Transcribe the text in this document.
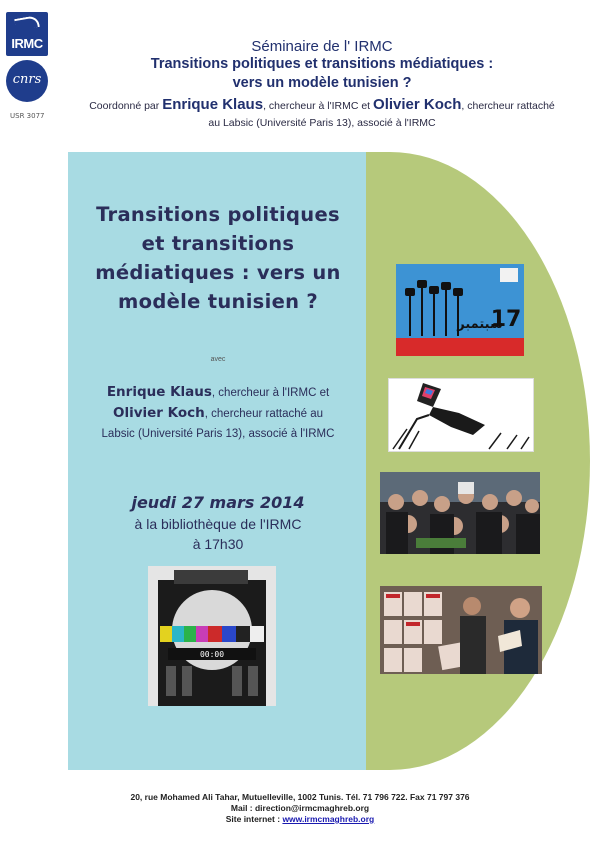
IRMC
cnrs
USR 3077
Séminaire de l' IRMC
Transitions politiques et transitions médiatiques :
vers un modèle tunisien ?
Coordonné par Enrique Klaus, chercheur à l'IRMC et Olivier Koch, chercheur rattaché
au Labsic (Université Paris 13), associé à l'IRMC
Transitions politiques
et transitions
médiatiques : vers un
modèle tunisien ?
avec
Enrique Klaus, chercheur à l'IRMC et
Olivier Koch, chercheur rattaché au
Labsic (Université Paris 13), associé à l'IRMC
jeudi 27 mars 2014
à la bibliothèque de l'IRMC
à 17h30
00:00
17
سبتمبر
20, rue Mohamed Ali Tahar, Mutuelleville, 1002 Tunis. Tél. 71 796 722. Fax 71 797 376
Mail : direction@irmcmaghreb.org
Site internet : www.irmcmaghreb.org
